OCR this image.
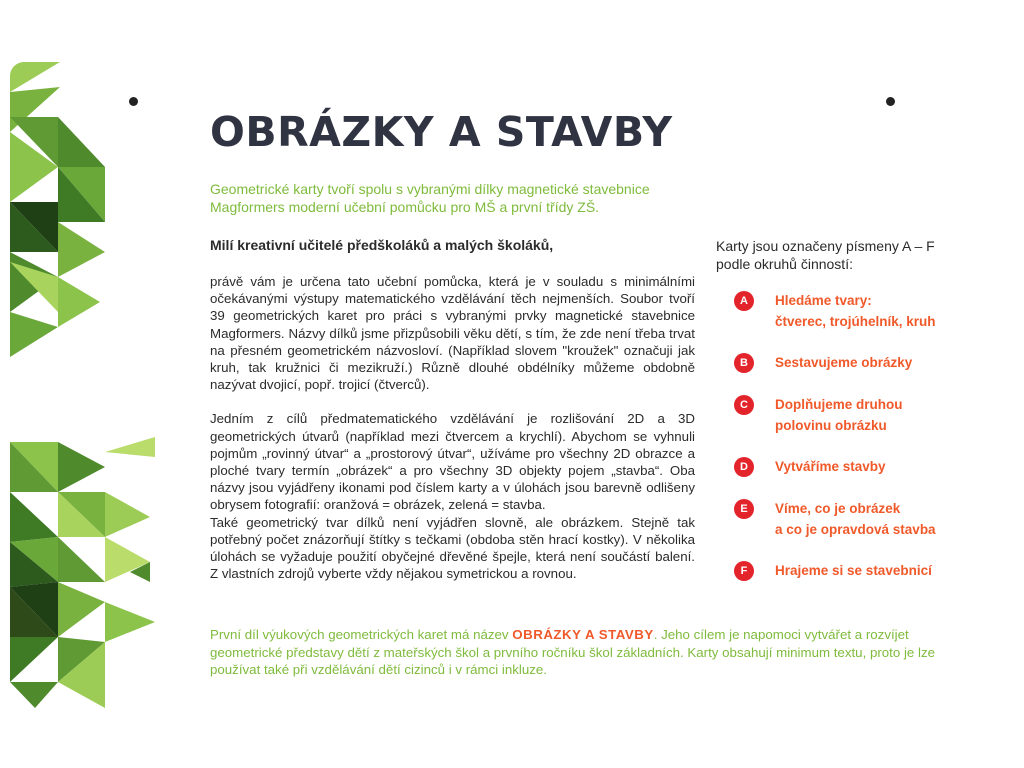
OBRÁZKY A STAVBY
Geometrické karty tvoří spolu s vybranými dílky magnetické stavebnice Magformers moderní učební pomůcku pro MŠ a první třídy ZŠ.
Milí kreativní učitelé předškoláků a malých školáků,

právě vám je určena tato učební pomůcka, která je v souladu s minimálními očekávanými výstupy matematického vzdělávání těch nejmenších. Soubor tvoří 39 geometrických karet pro práci s vybranými prvky magnetické stavebnice Magformers. Názvy dílků jsme přizpůsobili věku dětí, s tím, že zde není třeba trvat na přesném geometrickém názvosloví. (Například slovem "kroužek" označuji jak kruh, tak kružnici či mezikruží.) Různě dlouhé obdélníky můžeme obdobně nazývat dvojicí, popř. trojicí (čtverců).

Jedním z cílů předmatematického vzdělávání je rozlišování 2D a 3D geometrických útvarů (například mezi čtvercem a krychlí). Abychom se vyhnuli pojmům „rovinný útvar“ a „prostorový útvar“, užíváme pro všechny 2D obrazce a ploché tvary termín „obrázek“ a pro všechny 3D objekty pojem „stavba“. Oba názvy jsou vyjádřeny ikonami pod číslem karty a v úlohách jsou barevně odlišeny obrysem fotografií: oranžová = obrázek, zelená = stavba.

Také geometrický tvar dílků není vyjádřen slovně, ale obrázkem. Stejně tak potřebný počet znázorňují štítky s tečkami (obdoba stěn hrací kostky). V několika úlohách se vyžaduje použití obyčejné dřevěné špejle, která není součástí balení. Z vlastních zdrojů vyberte vždy nějakou symetrickou a rovnou.

Karty jsou označeny písmeny A – F podle okruhů činností:
A	Hledáme tvary:
čtverec, trojúhelník, kruh
B	Sestavujeme obrázky
C	Doplňujeme druhou
polovinu obrázku
D	Vytváříme stavby
E	Víme, co je obrázek
a co je opravdová stavba
F	Hrajeme si se stavebnicí
První díl výukových geometrických karet má název OBRÁZKY A STAVBY. Jeho cílem je napomoci vytvářet a rozvíjet geometrické představy dětí z mateřských škol a prvního ročníku škol základních. Karty obsahují minimum textu, proto je lze používat také při vzdělávání dětí cizinců i v rámci inkluze.
